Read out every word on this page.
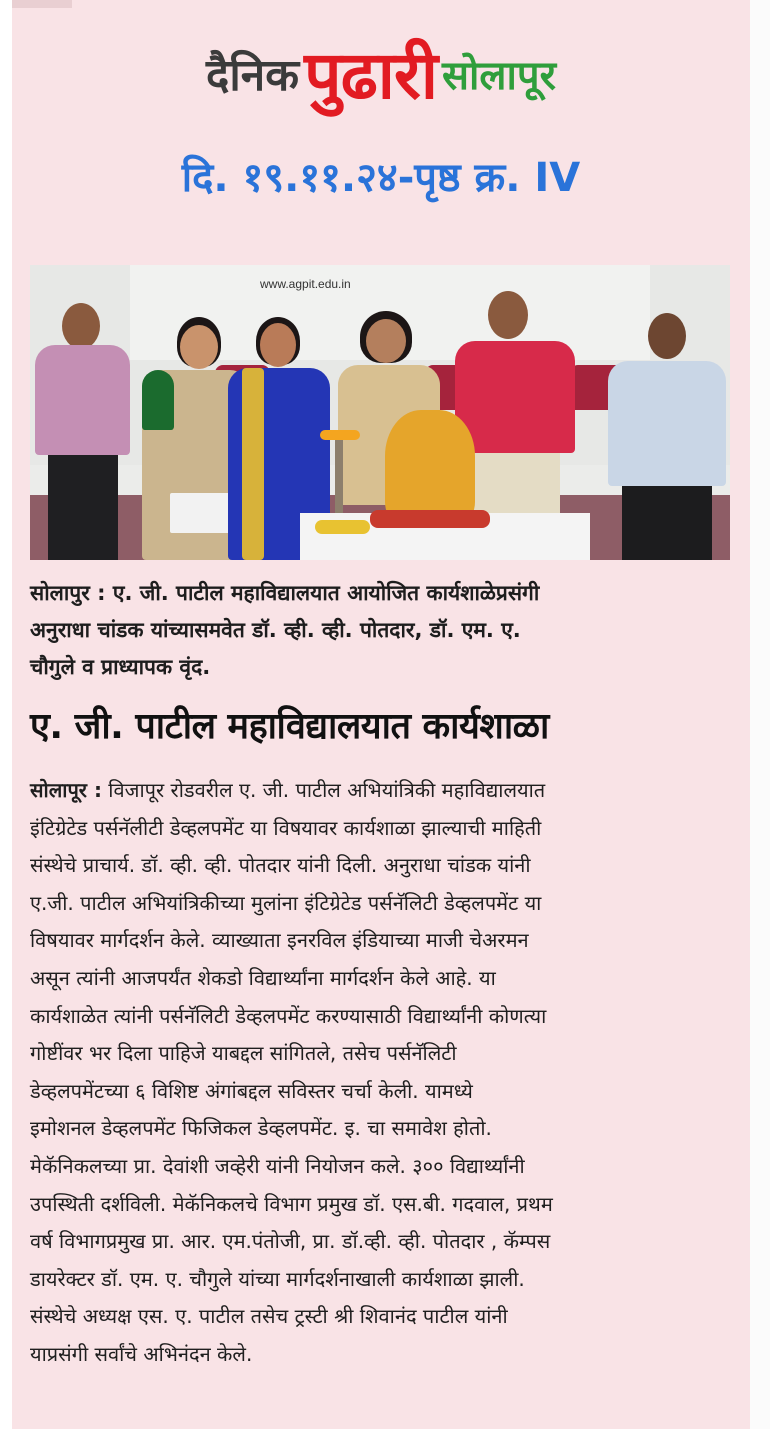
दैनिक पुढारी सोलापूर
दि. १९.११.२४-पृष्ठ क्र. IV
www.agpit.edu.in
सोलापुर : ए. जी. पाटील महाविद्यालयात आयोजित कार्यशाळेप्रसंगी
अनुराधा चांडक यांच्यासमवेत डॉ. व्ही. व्ही. पोतदार, डॉ. एम. ए.
चौगुले व प्राध्यापक वृंद.
ए. जी. पाटील महाविद्यालयात कार्यशाळा
सोलापूर : विजापूर रोडवरील ए. जी. पाटील अभियांत्रिकी महाविद्यालयात
इंटिग्रेटेड पर्सनॅलीटी डेव्हलपमेंट या विषयावर कार्यशाळा झाल्याची माहिती
संस्थेचे प्राचार्य. डॉ. व्ही. व्ही. पोतदार यांनी दिली. अनुराधा चांडक यांनी
ए.जी. पाटील अभियांत्रिकीच्या मुलांना इंटिग्रेटेड पर्सनॅलिटी डेव्हलपमेंट या
विषयावर मार्गदर्शन केले. व्याख्याता इनरविल इंडियाच्या माजी चेअरमन
असून त्यांनी आजपर्यंत शेकडो विद्यार्थ्यांना मार्गदर्शन केले आहे. या
कार्यशाळेत त्यांनी पर्सनॅलिटी डेव्हलपमेंट करण्यासाठी विद्यार्थ्यांनी कोणत्या
गोष्टींवर भर दिला पाहिजे याबद्दल सांगितले, तसेच पर्सनॅलिटी
डेव्हलपमेंटच्या ६ विशिष्ट अंगांबद्दल सविस्तर चर्चा केली. यामध्ये
इमोशनल डेव्हलपमेंट फिजिकल डेव्हलपमेंट. इ. चा समावेश होतो.
मेकॅनिकलच्या प्रा. देवांशी जव्हेरी यांनी नियोजन कले. ३०० विद्यार्थ्यांनी
उपस्थिती दर्शविली. मेकॅनिकलचे विभाग प्रमुख डॉ. एस.बी. गदवाल, प्रथम
वर्ष विभागप्रमुख प्रा. आर. एम.पंतोजी, प्रा. डॉ.व्ही. व्ही. पोतदार , कॅम्पस
डायरेक्टर डॉ. एम. ए. चौगुले यांच्या मार्गदर्शनाखाली कार्यशाळा झाली.
संस्थेचे अध्यक्ष एस. ए. पाटील तसेच ट्रस्टी श्री शिवानंद पाटील यांनी
याप्रसंगी सर्वांचे अभिनंदन केले.
